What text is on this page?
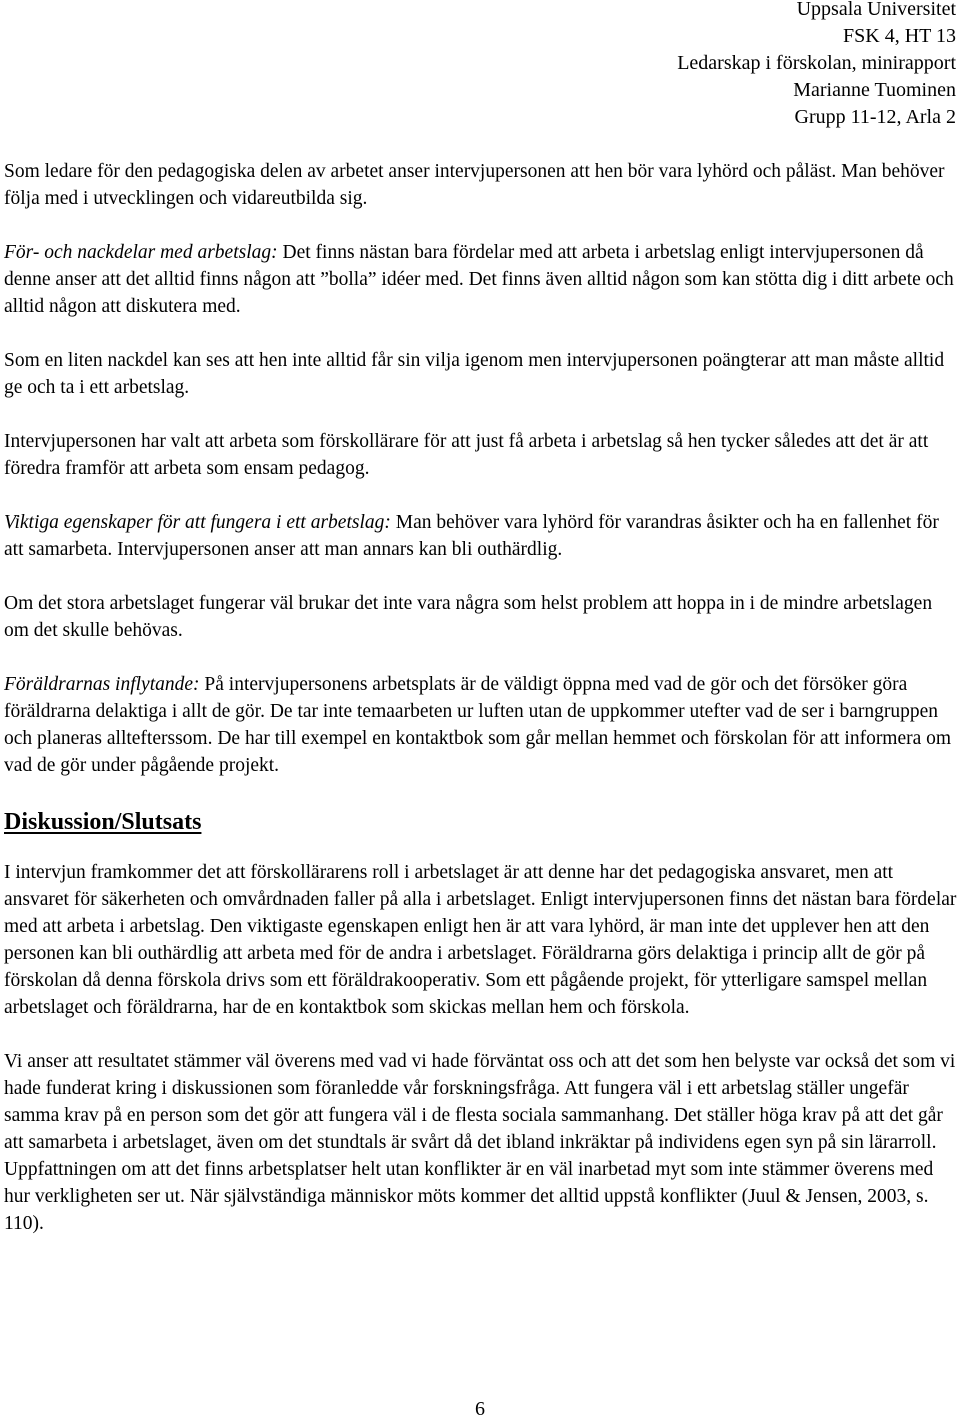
Uppsala Universitet
FSK 4, HT 13
Ledarskap i förskolan, minirapport
Marianne Tuominen
Grupp 11-12, Arla 2

Som ledare för den pedagogiska delen av arbetet anser intervjupersonen att hen bör vara lyhörd och påläst. Man behöver följa med i utvecklingen och vidareutbilda sig.

För- och nackdelar med arbetslag: Det finns nästan bara fördelar med att arbeta i arbetslag enligt intervjupersonen då denne anser att det alltid finns någon att ”bolla” idéer med. Det finns även alltid någon som kan stötta dig i ditt arbete och alltid någon att diskutera med.

Som en liten nackdel kan ses att hen inte alltid får sin vilja igenom men intervjupersonen poängterar att man måste alltid ge och ta i ett arbetslag.

Intervjupersonen har valt att arbeta som förskollärare för att just få arbeta i arbetslag så hen tycker således att det är att föredra framför att arbeta som ensam pedagog.

Viktiga egenskaper för att fungera i ett arbetslag: Man behöver vara lyhörd för varandras åsikter och ha en fallenhet för att samarbeta. Intervjupersonen anser att man annars kan bli outhärdlig.

Om det stora arbetslaget fungerar väl brukar det inte vara några som helst problem att hoppa in i de mindre arbetslagen om det skulle behövas.

Föräldrarnas inflytande: På intervjupersonens arbetsplats är de väldigt öppna med vad de gör och det försöker göra föräldrarna delaktiga i allt de gör. De tar inte temaarbeten ur luften utan de uppkommer utefter vad de ser i barngruppen och planeras alltefterssom. De har till exempel en kontaktbok som går mellan hemmet och förskolan för att informera om vad de gör under pågående projekt.

Diskussion/Slutsats

I intervjun framkommer det att förskollärarens roll i arbetslaget är att denne har det pedagogiska ansvaret, men att ansvaret för säkerheten och omvårdnaden faller på alla i arbetslaget. Enligt intervjupersonen finns det nästan bara fördelar med att arbeta i arbetslag. Den viktigaste egenskapen enligt hen är att vara lyhörd, är man inte det upplever hen att den personen kan bli outhärdlig att arbeta med för de andra i arbetslaget. Föräldrarna görs delaktiga i princip allt de gör på förskolan då denna förskola drivs som ett föräldrakooperativ. Som ett pågående projekt, för ytterligare samspel mellan arbetslaget och föräldrarna, har de en kontaktbok som skickas mellan hem och förskola.

Vi anser att resultatet stämmer väl överens med vad vi hade förväntat oss och att det som hen belyste var också det som vi hade funderat kring i diskussionen som föranledde vår forskningsfråga. Att fungera väl i ett arbetslag ställer ungefär samma krav på en person som det gör att fungera väl i de flesta sociala sammanhang. Det ställer höga krav på att det går att samarbeta i arbetslaget, även om det stundtals är svårt då det ibland inkräktar på individens egen syn på sin lärarroll. Uppfattningen om att det finns arbetsplatser helt utan konflikter är en väl inarbetad myt som inte stämmer överens med hur verkligheten ser ut. När självständiga människor möts kommer det alltid uppstå konflikter (Juul & Jensen, 2003, s. 110).

6
